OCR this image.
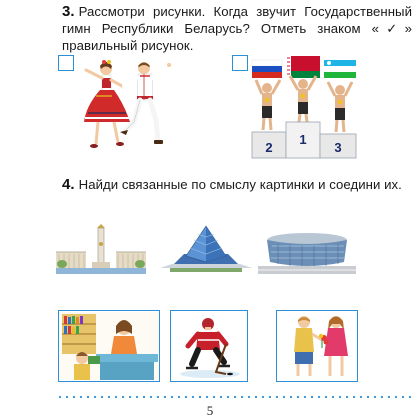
3. Рассмотри рисунки. Когда звучит Государственный гимн Республики Беларусь? Отметь знаком «✓» правильный рисунок.
2
1
3
4. Найди связанные по смыслу картинки и соедини их.
5
